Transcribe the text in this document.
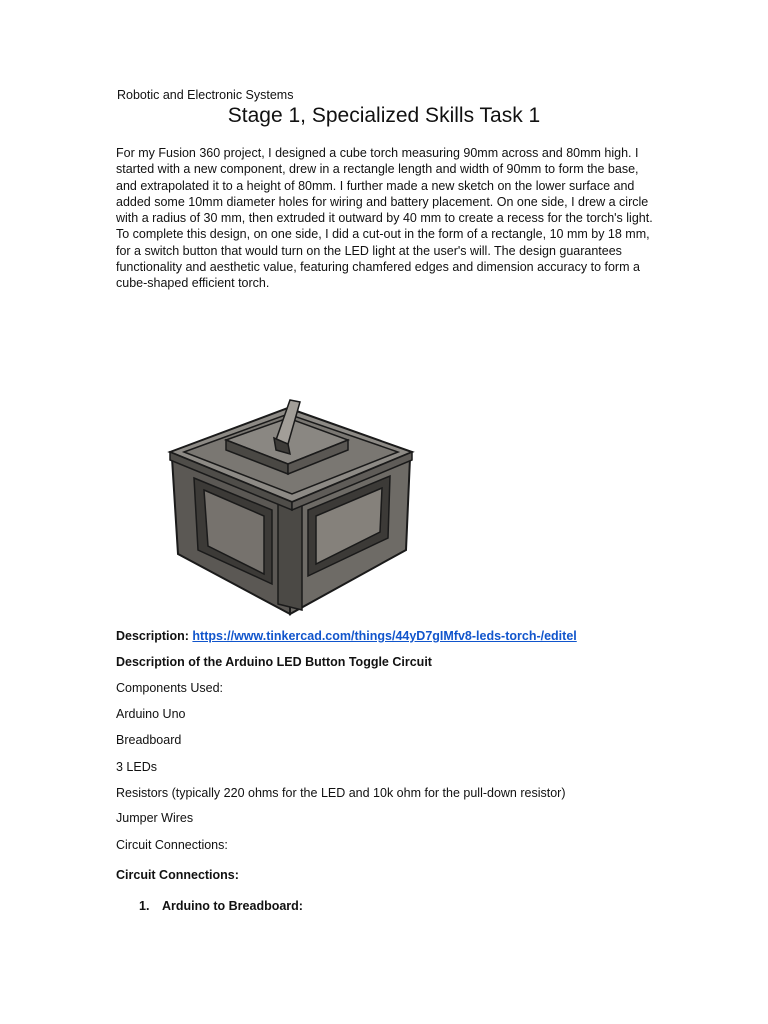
Robotic and Electronic Systems
Stage 1, Specialized Skills Task 1

For my Fusion 360 project, I designed a cube torch measuring 90mm across and 80mm high. I started with a new component, drew in a rectangle length and width of 90mm to form the base, and extrapolated it to a height of 80mm. I further made a new sketch on the lower surface and added some 10mm diameter holes for wiring and battery placement. On one side, I drew a circle with a radius of 30 mm, then extruded it outward by 40 mm to create a recess for the torch's light. To complete this design, on one side, I did a cut-out in the form of a rectangle, 10 mm by 18 mm, for a switch button that would turn on the LED light at the user's will. The design guarantees functionality and aesthetic value, featuring chamfered edges and dimension accuracy to form a cube-shaped efficient torch.

Description: https://www.tinkercad.com/things/44yD7gIMfv8-leds-torch-/editel
Description of the Arduino LED Button Toggle Circuit
Components Used:
Arduino Uno
Breadboard
3 LEDs
Resistors (typically 220 ohms for the LED and 10k ohm for the pull-down resistor)
Jumper Wires
Circuit Connections:
Circuit Connections:
1. Arduino to Breadboard:
